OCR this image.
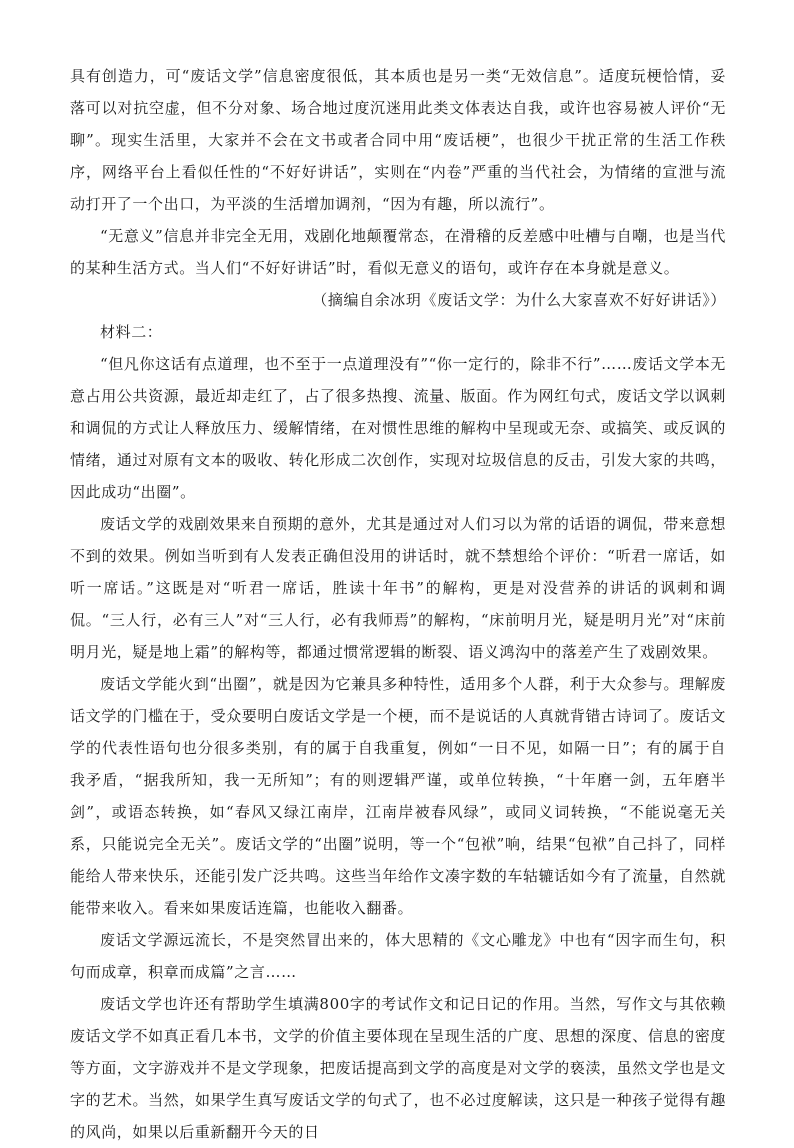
具有创造力，可“废话文学”信息密度很低，其本质也是另一类“无效信息”。适度玩梗恰情，妥落可以对抗空虚，但不分对象、场合地过度沉迷用此类文体表达自我，或许也容易被人评价“无聊”。现实生活里，大家并不会在文书或者合同中用“废话梗”，也很少干扰正常的生活工作秩序，网络平台上看似任性的“不好好讲话”，实则在“内卷”严重的当代社会，为情绪的宣泄与流动打开了一个出口，为平淡的生活增加调剂，“因为有趣，所以流行”。

“无意义”信息并非完全无用，戏剧化地颠覆常态，在滑稽的反差感中吐槽与自嘲，也是当代的某种生活方式。当人们“不好好讲话”时，看似无意义的语句，或许存在本身就是意义。

（摘编自余冰玥《废话文学：为什么大家喜欢不好好讲话》）

材料二：

“但凡你这话有点道理，也不至于一点道理没有”“你一定行的，除非不行”……废话文学本无意占用公共资源，最近却走红了，占了很多热搜、流量、版面。作为网红句式，废话文学以讽刺和调侃的方式让人释放压力、缓解情绪，在对惯性思维的解构中呈现或无奈、或搞笑、或反讽的情绪，通过对原有文本的吸收、转化形成二次创作，实现对垃圾信息的反击，引发大家的共鸣，因此成功“出圈”。

废话文学的戏剧效果来自预期的意外，尤其是通过对人们习以为常的话语的调侃，带来意想不到的效果。例如当听到有人发表正确但没用的讲话时，就不禁想给个评价：“听君一席话，如听一席话。”这既是对“听君一席话，胜读十年书”的解构，更是对没营养的讲话的讽刺和调侃。“三人行，必有三人”对“三人行，必有我师焉”的解构，“床前明月光，疑是明月光”对“床前明月光，疑是地上霜”的解构等，都通过惯常逻辑的断裂、语义鸿沟中的落差产生了戏剧效果。

废话文学能火到“出圈”，就是因为它兼具多种特性，适用多个人群，利于大众参与。理解废话文学的门槛在于，受众要明白废话文学是一个梗，而不是说话的人真就背错古诗词了。废话文学的代表性语句也分很多类别，有的属于自我重复，例如“一日不见，如隔一日”；有的属于自我矛盾，“据我所知，我一无所知”；有的则逻辑严谨，或单位转换，“十年磨一剑，五年磨半剑”，或语态转换，如“春风又绿江南岸，江南岸被春风绿”，或同义词转换，“不能说毫无关系，只能说完全无关”。废话文学的“出圈”说明，等一个“包袱”响，结果“包袱”自己抖了，同样能给人带来快乐，还能引发广泛共鸣。这些当年给作文凑字数的车轱辘话如今有了流量，自然就能带来收入。看来如果废话连篇，也能收入翻番。

废话文学源远流长，不是突然冒出来的，体大思精的《文心雕龙》中也有“因字而生句，积句而成章，积章而成篇”之言……

废话文学也许还有帮助学生填满800字的考试作文和记日记的作用。当然，写作文与其依赖废话文学不如真正看几本书，文学的价值主要体现在呈现生活的广度、思想的深度、信息的密度等方面，文字游戏并不是文学现象，把废话提高到文学的高度是对文学的亵渎，虽然文学也是文字的艺术。当然，如果学生真写废话文学的句式了，也不必过度解读，这只是一种孩子觉得有趣的风尚，如果以后重新翻开今天的日
